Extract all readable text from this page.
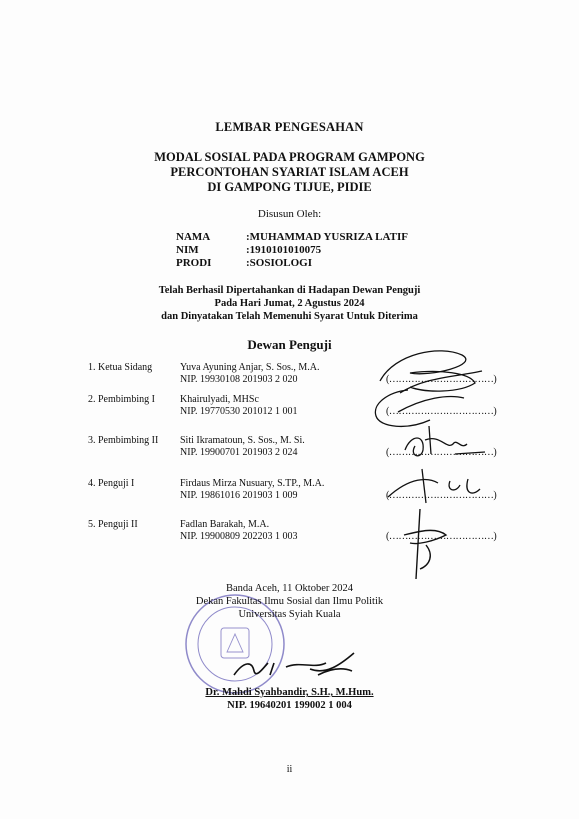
LEMBAR PENGESAHAN
MODAL SOSIAL PADA PROGRAM GAMPONG
PERCONTOHAN SYARIAT ISLAM ACEH
DI GAMPONG TIJUE, PIDIE
Disusun Oleh:
NAMA	:MUHAMMAD YUSRIZA LATIF
NIM	:1910101010075
PRODI	:SOSIOLOGI
Telah Berhasil Dipertahankan di Hadapan Dewan Penguji
Pada Hari Jumat, 2 Agustus 2024
dan Dinyatakan Telah Memenuhi Syarat Untuk Diterima
Dewan Penguji
1. Ketua Sidang	Yuva Ayuning Anjar, S. Sos., M.A.
NIP. 19930108 201903 2 020	(……………………………)
2. Pembimbing I	Khairulyadi, MHSc
NIP. 19770530 201012 1 001	(……………………………)
3. Pembimbing II	Siti Ikramatoun, S. Sos., M. Si.
NIP. 19900701 201903 2 024	(……………………………)
4. Penguji I	Firdaus Mirza Nusuary, S.TP., M.A.
NIP. 19861016 201903 1 009	(……………………………)
5. Penguji II	Fadlan Barakah, M.A.
NIP. 19900809 202203 1 003	(……………………………)
Banda Aceh, 11 Oktober 2024
Dekan Fakultas Ilmu Sosial dan Ilmu Politik
Universitas Syiah Kuala
Dr. Mahdi Syahbandir, S.H., M.Hum.
NIP. 19640201 199002 1 004
ii
